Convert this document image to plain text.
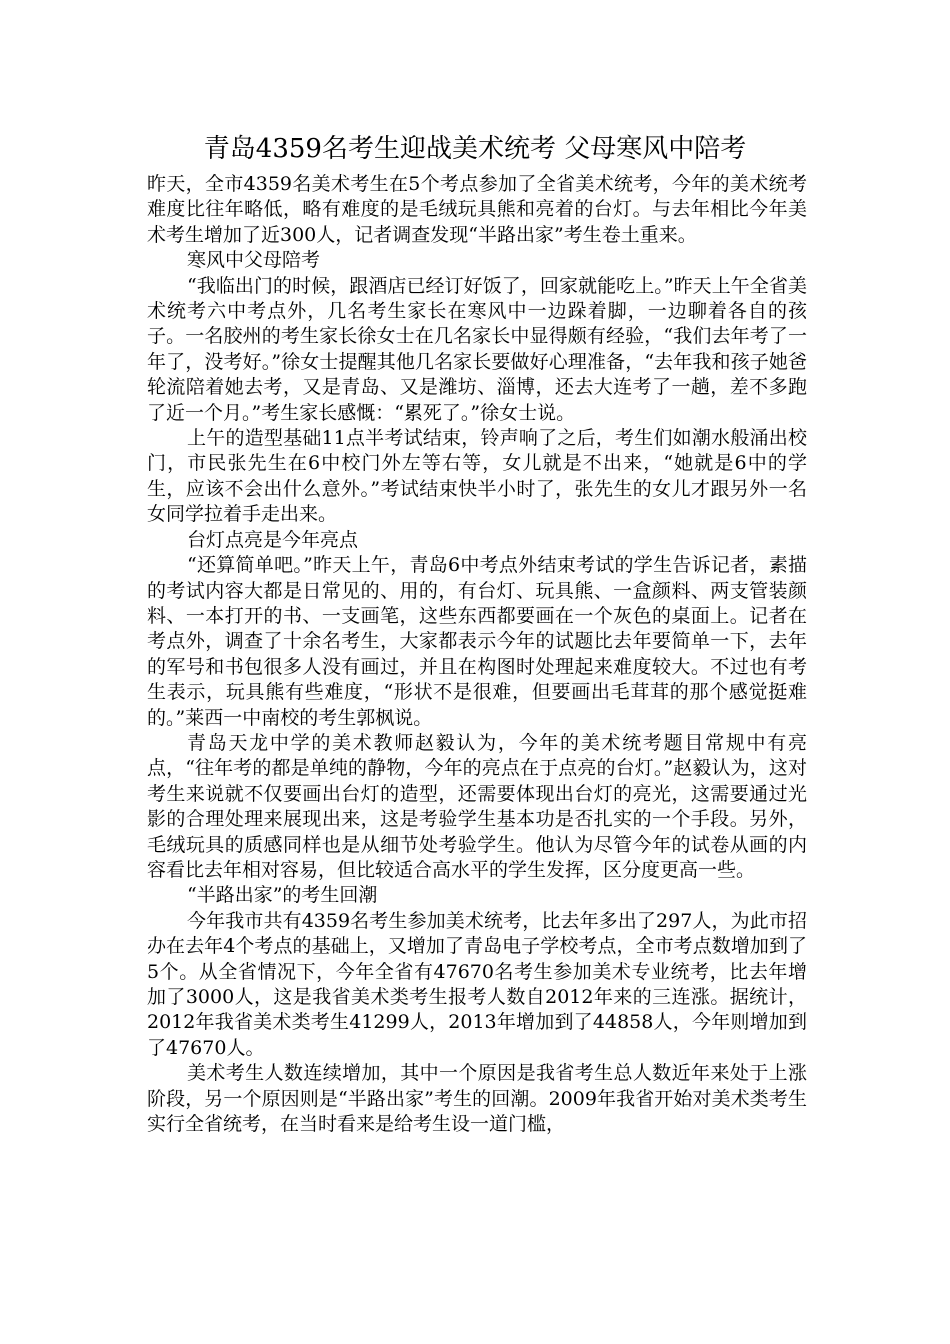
青岛4359名考生迎战美术统考 父母寒风中陪考

昨天，全市4359名美术考生在5个考点参加了全省美术统考，今年的美术统考难度比往年略低，略有难度的是毛绒玩具熊和亮着的台灯。与去年相比今年美术考生增加了近300人，记者调查发现“半路出家”考生卷土重来。

寒风中父母陪考

“我临出门的时候，跟酒店已经订好饭了，回家就能吃上。”昨天上午全省美术统考六中考点外，几名考生家长在寒风中一边跺着脚，一边聊着各自的孩子。一名胶州的考生家长徐女士在几名家长中显得颇有经验，“我们去年考了一年了，没考好。”徐女士提醒其他几名家长要做好心理准备，“去年我和孩子她爸轮流陪着她去考，又是青岛、又是潍坊、淄博，还去大连考了一趟，差不多跑了近一个月。”考生家长感慨：“累死了。”徐女士说。

上午的造型基础11点半考试结束，铃声响了之后，考生们如潮水般涌出校门，市民张先生在6中校门外左等右等，女儿就是不出来，“她就是6中的学生，应该不会出什么意外。”考试结束快半小时了，张先生的女儿才跟另外一名女同学拉着手走出来。

台灯点亮是今年亮点

“还算简单吧。”昨天上午，青岛6中考点外结束考试的学生告诉记者，素描的考试内容大都是日常见的、用的，有台灯、玩具熊、一盒颜料、两支管装颜料、一本打开的书、一支画笔，这些东西都要画在一个灰色的桌面上。记者在考点外，调查了十余名考生，大家都表示今年的试题比去年要简单一下，去年的军号和书包很多人没有画过，并且在构图时处理起来难度较大。不过也有考生表示，玩具熊有些难度，“形状不是很难，但要画出毛茸茸的那个感觉挺难的。”莱西一中南校的考生郭枫说。

青岛天龙中学的美术教师赵毅认为，今年的美术统考题目常规中有亮点，“往年考的都是单纯的静物，今年的亮点在于点亮的台灯。”赵毅认为，这对考生来说就不仅要画出台灯的造型，还需要体现出台灯的亮光，这需要通过光影的合理处理来展现出来，这是考验学生基本功是否扎实的一个手段。另外，毛绒玩具的质感同样也是从细节处考验学生。他认为尽管今年的试卷从画的内容看比去年相对容易，但比较适合高水平的学生发挥，区分度更高一些。

“半路出家”的考生回潮

今年我市共有4359名考生参加美术统考，比去年多出了297人，为此市招办在去年4个考点的基础上，又增加了青岛电子学校考点，全市考点数增加到了5个。从全省情况下，今年全省有47670名考生参加美术专业统考，比去年增加了3000人，这是我省美术类考生报考人数自2012年来的三连涨。据统计，2012年我省美术类考生41299人，2013年增加到了44858人，今年则增加到了47670人。

美术考生人数连续增加，其中一个原因是我省考生总人数近年来处于上涨阶段，另一个原因则是“半路出家”考生的回潮。2009年我省开始对美术类考生实行全省统考，在当时看来是给考生设一道门槛，
